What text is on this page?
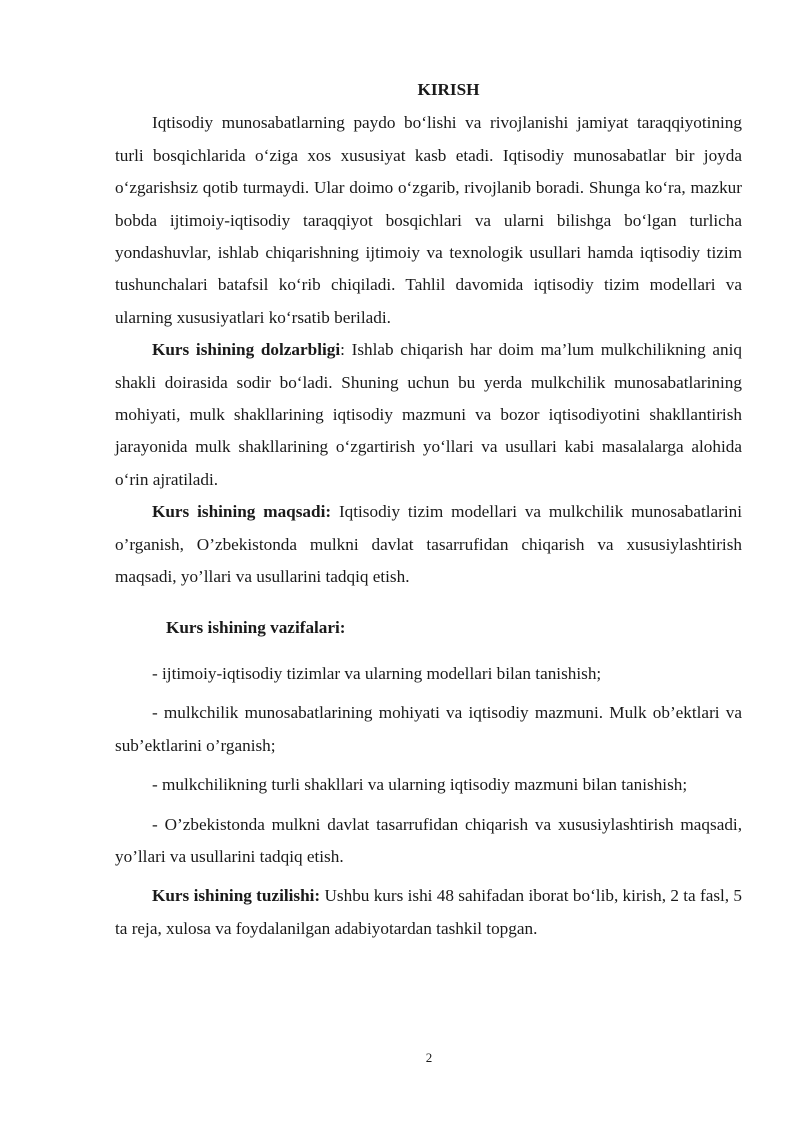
KIRISH

Iqtisodiy munosabatlarning paydo bo‘lishi va rivojlanishi jamiyat taraqqiyotining turli bosqichlarida o‘ziga xos xususiyat kasb etadi. Iqtisodiy munosabatlar bir joyda o‘zgarishsiz qotib turmaydi. Ular doimo o‘zgarib, rivojlanib boradi. Shunga ko‘ra, mazkur bobda ijtimoiy-iqtisodiy taraqqiyot bosqichlari va ularni bilishga bo‘lgan turlicha yondashuvlar, ishlab chiqarishning ijtimoiy va texnologik usullari hamda iqtisodiy tizim tushunchalari batafsil ko‘rib chiqiladi. Tahlil davomida iqtisodiy tizim modellari va ularning xususiyatlari ko‘rsatib beriladi.

Kurs ishining dolzarbligi: Ishlab chiqarish har doim ma’lum mulkchilikning aniq shakli doirasida sodir bo‘ladi. Shuning uchun bu yerda mulkchilik munosabatlarining mohiyati, mulk shakllarining iqtisodiy mazmuni va bozor iqtisodiyotini shakllantirish jarayonida mulk shakllarining o‘zgartirish yo‘llari va usullari kabi masalalarga alohida o‘rin ajratiladi.

Kurs ishining maqsadi: Iqtisodiy tizim modellari va mulkchilik munosabatlarini o’rganish, O’zbekistonda mulkni davlat tasarrufidan chiqarish va xususiylashtirish maqsadi, yo’llari va usullarini tadqiq etish.

Kurs ishining vazifalari:

- ijtimoiy-iqtisodiy tizimlar va ularning modellari bilan tanishish;

- mulkchilik munosabatlarining mohiyati va iqtisodiy mazmuni. Mulk ob’ektlari va sub’ektlarini o’rganish;

- mulkchilikning turli shakllari va ularning iqtisodiy mazmuni bilan tanishish;

- O’zbekistonda mulkni davlat tasarrufidan chiqarish va xususiylashtirish maqsadi, yo’llari va usullarini tadqiq etish.

Kurs ishining tuzilishi: Ushbu kurs ishi 48 sahifadan iborat bo‘lib, kirish, 2 ta fasl, 5 ta reja, xulosa va foydalanilgan adabiyotardan tashkil topgan.

2
